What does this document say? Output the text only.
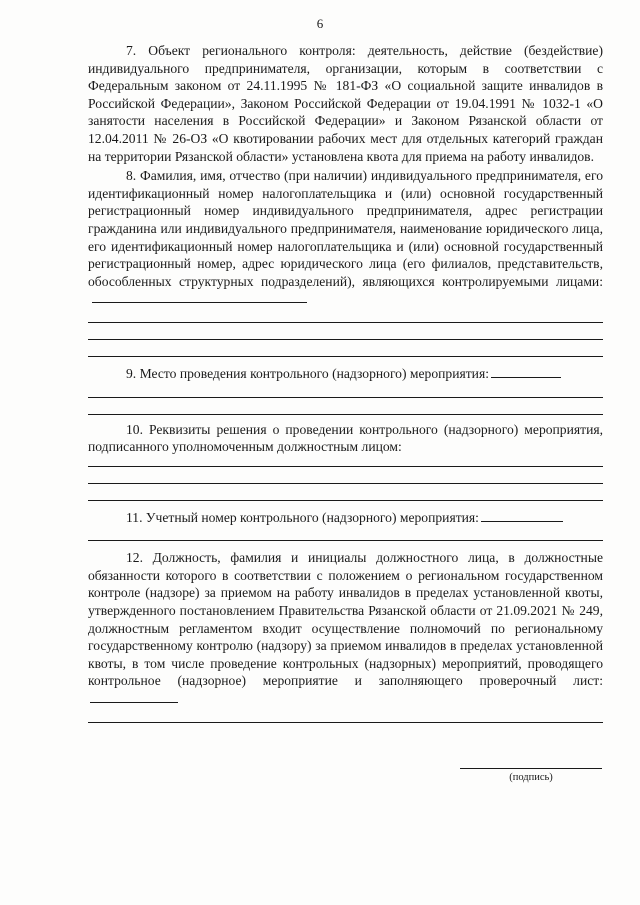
6

7. Объект регионального контроля: деятельность, действие (бездействие) индивидуального предпринимателя, организации, которым в соответствии с Федеральным законом от 24.11.1995 № 181-ФЗ «О социальной защите инвалидов в Российской Федерации», Законом Российской Федерации от 19.04.1991 № 1032-1 «О занятости населения в Российской Федерации» и Законом Рязанской области от 12.04.2011 № 26-ОЗ «О квотировании рабочих мест для отдельных категорий граждан на территории Рязанской области» установлена квота для приема на работу инвалидов.

8. Фамилия, имя, отчество (при наличии) индивидуального предпринимателя, его идентификационный номер налогоплательщика и (или) основной государственный регистрационный номер индивидуального предпринимателя, адрес регистрации гражданина или индивидуального предпринимателя, наименование юридического лица, его идентификационный номер налогоплательщика и (или) основной государственный регистрационный номер, адрес юридического лица (его филиалов, представительств, обособленных структурных подразделений), являющихся контролируемыми лицами:

9. Место проведения контрольного (надзорного) мероприятия:

10. Реквизиты решения о проведении контрольного (надзорного) мероприятия, подписанного уполномоченным должностным лицом:

11. Учетный номер контрольного (надзорного) мероприятия:

12. Должность, фамилия и инициалы должностного лица, в должностные обязанности которого в соответствии с положением о региональном государственном контроле (надзоре) за приемом на работу инвалидов в пределах установленной квоты, утвержденного постановлением Правительства Рязанской области от 21.09.2021 № 249, должностным регламентом входит осуществление полномочий по региональному государственному контролю (надзору) за приемом инвалидов в пределах установленной квоты, в том числе проведение контрольных (надзорных) мероприятий, проводящего контрольное (надзорное) мероприятие и заполняющего проверочный лист:

(подпись)
